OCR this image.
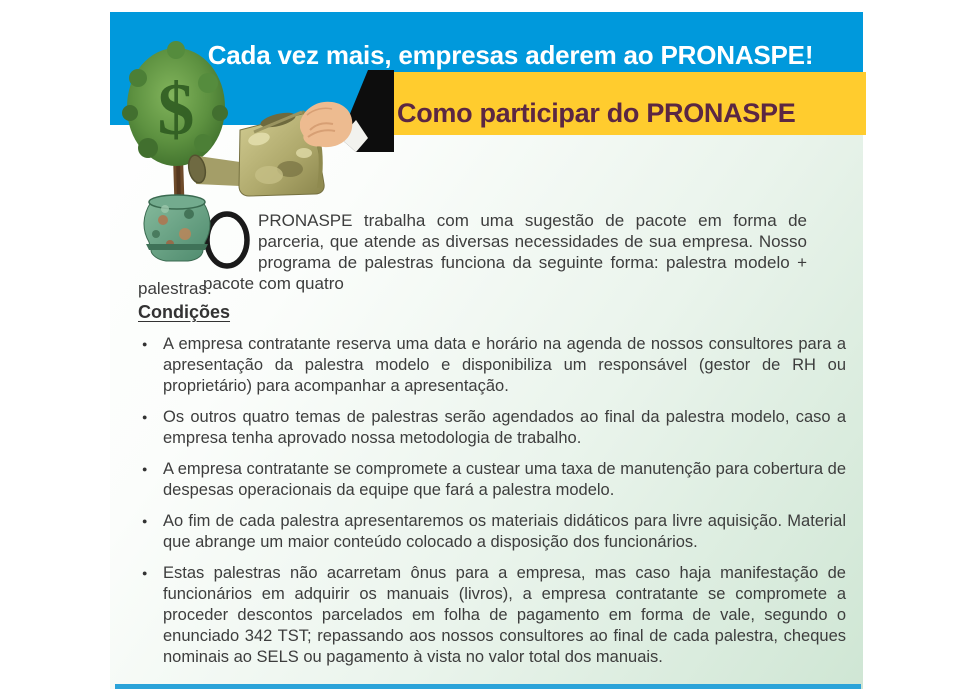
Cada vez mais, empresas aderem ao PRONASPE!
Como participar do PRONASPE
$
PRONASPE trabalha com uma sugestão de pacote em forma de parceria, que atende as diversas necessidades de sua empresa. Nosso programa de palestras funciona da seguinte forma: palestra modelo + pacote com quatro
palestras.
Condições
● A empresa contratante reserva uma data e horário na agenda de nossos consultores para a apresentação da palestra modelo e disponibiliza um responsável (gestor de RH ou proprietário) para acompanhar a apresentação.
● Os outros quatro temas de palestras serão agendados ao final da palestra modelo, caso a empresa tenha aprovado nossa metodologia de trabalho.
● A empresa contratante se compromete a custear uma taxa de manutenção para cobertura de despesas operacionais da equipe que fará a palestra modelo.
● Ao fim de cada palestra apresentaremos os materiais didáticos para livre aquisição. Material que abrange um maior conteúdo colocado a disposição dos funcionários.
● Estas palestras não acarretam ônus para a empresa, mas caso haja manifestação de funcionários em adquirir os manuais (livros), a empresa contratante se compromete a proceder descontos parcelados em folha de pagamento em forma de vale, segundo o enunciado 342 TST; repassando aos nossos consultores ao final de cada palestra, cheques nominais ao SELS ou pagamento à vista no valor total dos manuais.
